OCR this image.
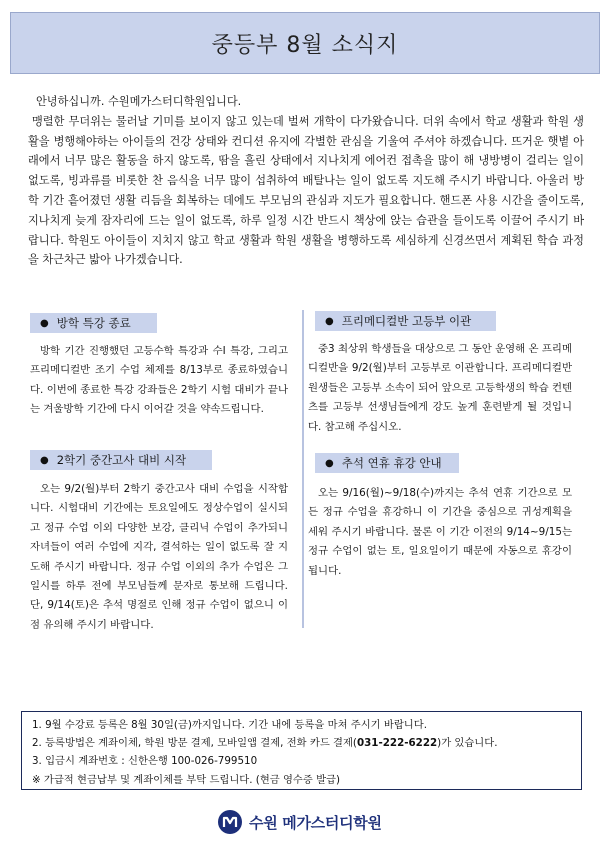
중등부 8월 소식지

안녕하십니까. 수원메가스터디학원입니다.

맹렬한 무더위는 물러날 기미를 보이지 않고 있는데 벌써 개학이 다가왔습니다. 더위 속에서 학교 생활과 학원 생활을 병행해야하는 아이들의 건강 상태와 컨디션 유지에 각별한 관심을 기울여 주셔야 하겠습니다. 뜨거운 햇볕 아래에서 너무 많은 활동을 하지 않도록, 땀을 흘린 상태에서 지나치게 에어컨 접촉을 많이 해 냉방병이 걸리는 일이 없도록, 빙과류를 비롯한 찬 음식을 너무 많이 섭취하여 배탈나는 일이 없도록 지도해 주시기 바랍니다. 아울러 방학 기간 흩어졌던 생활 리듬을 회복하는 데에도 부모님의 관심과 지도가 필요합니다. 핸드폰 사용 시간을 줄이도록, 지나치게 늦게 잠자리에 드는 일이 없도록, 하루 일정 시간 반드시 책상에 앉는 습관을 들이도록 이끌어 주시기 바랍니다. 학원도 아이들이 지치지 않고 학교 생활과 학원 생활을 병행하도록 세심하게 신경쓰면서 계획된 학습 과정을 차근차근 밟아 나가겠습니다.

● 방학 특강 종료

방학 기간 진행했던 고등수학 특강과 수I 특강, 그리고 프리메디컬반 조기 수업 체제를 8/13부로 종료하였습니다. 이번에 종료한 특강 강좌들은 2학기 시험 대비가 끝나는 겨울방학 기간에 다시 이어갈 것을 약속드립니다.

● 2학기 중간고사 대비 시작

오는 9/2(월)부터 2학기 중간고사 대비 수업을 시작합니다. 시험대비 기간에는 토요일에도 정상수업이 실시되고 정규 수업 이외 다양한 보강, 클리닉 수업이 추가되니 자녀들이 여러 수업에 지각, 결석하는 일이 없도록 잘 지도해 주시기 바랍니다. 정규 수업 이외의 추가 수업은 그 일시를 하루 전에 부모님들께 문자로 통보해 드립니다. 단, 9/14(토)은 추석 명절로 인해 정규 수업이 없으니 이 점 유의해 주시기 바랍니다.

● 프리메디컬반 고등부 이관

중3 최상위 학생들을 대상으로 그 동안 운영해 온 프리메디컬반을 9/2(월)부터 고등부로 이관합니다. 프리메디컬반 원생들은 고등부 소속이 되어 앞으로 고등학생의 학습 컨텐츠를 고등부 선생님들에게 강도 높게 훈련받게 될 것입니다. 참고해 주십시오.

● 추석 연휴 휴강 안내

오는 9/16(월)~9/18(수)까지는 추석 연휴 기간으로 모든 정규 수업을 휴강하니 이 기간을 중심으로 귀성계획을 세워 주시기 바랍니다. 물론 이 기간 이전의 9/14~9/15는 정규 수업이 없는 토, 일요일이기 때문에 자동으로 휴강이 됩니다.

1. 9월 수강료 등록은 8월 30일(금)까지입니다. 기간 내에 등록을 마쳐 주시기 바랍니다.
2. 등록방법은 계좌이체, 학원 방문 결제, 모바일앱 결제, 전화 카드 결제(031-222-6222)가 있습니다.
3. 입금시 계좌번호 : 신한은행 100-026-799510
※ 가급적 현금납부 및 계좌이체를 부탁 드립니다. (현금 영수증 발급)
수원 메가스터디학원
